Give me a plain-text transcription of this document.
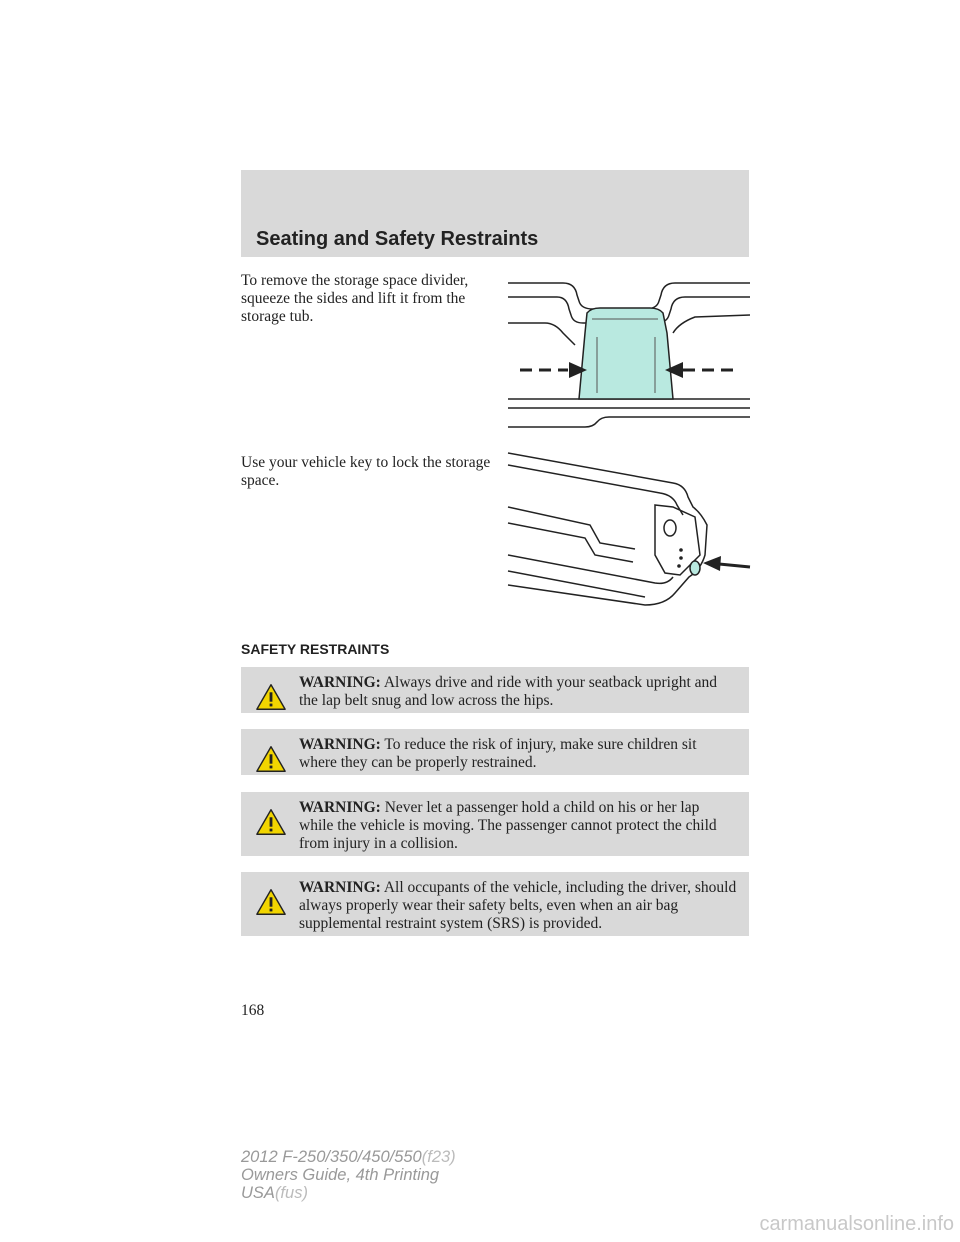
Seating and Safety Restraints
To remove the storage space divider, squeeze the sides and lift it from the storage tub.
Use your vehicle key to lock the storage space.
SAFETY RESTRAINTS
WARNING: Always drive and ride with your seatback upright and the lap belt snug and low across the hips.
WARNING: To reduce the risk of injury, make sure children sit where they can be properly restrained.
WARNING: Never let a passenger hold a child on his or her lap while the vehicle is moving. The passenger cannot protect the child from injury in a collision.
WARNING: All occupants of the vehicle, including the driver, should always properly wear their safety belts, even when an air bag supplemental restraint system (SRS) is provided.
168
2012 F-250/350/450/550(f23)
Owners Guide, 4th Printing
USA(fus)
carmanualsonline.info
